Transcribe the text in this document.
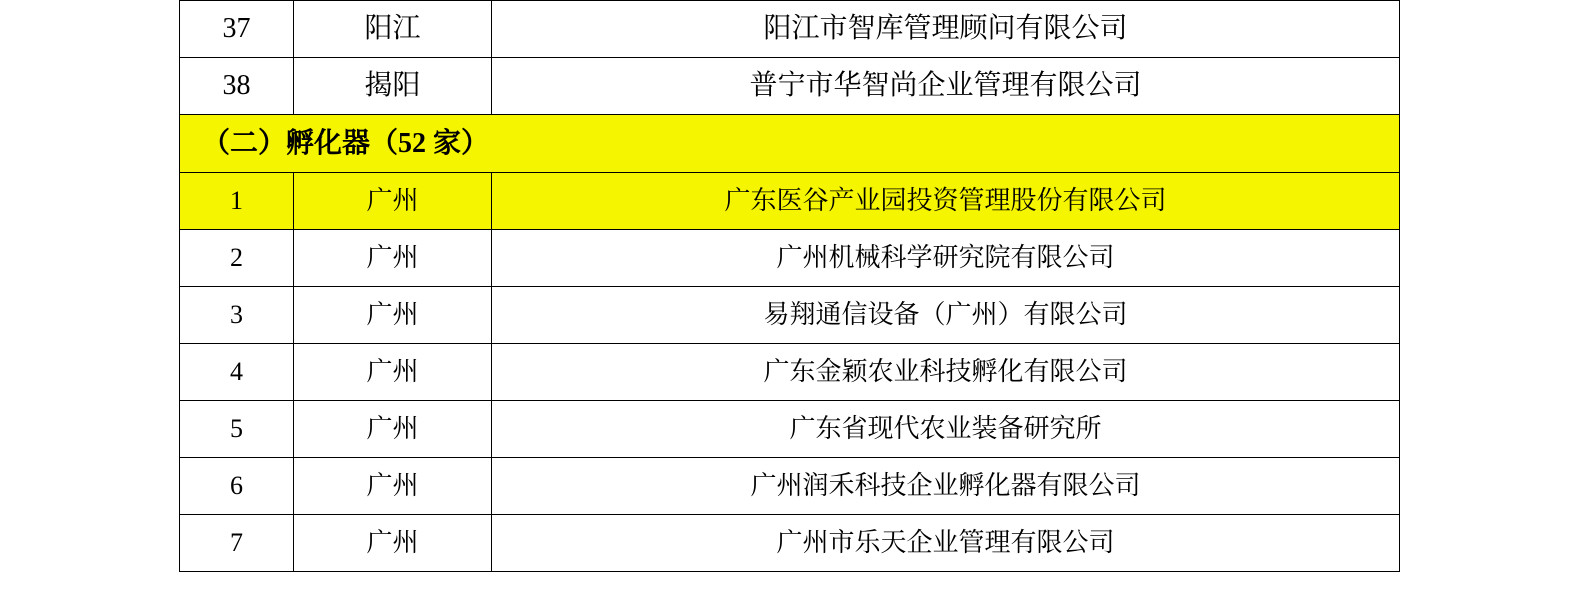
37	阳江	阳江市智库管理顾问有限公司
38	揭阳	普宁市华智尚企业管理有限公司
（二）孵化器（52 家）		
1	广州	广东医谷产业园投资管理股份有限公司
2	广州	广州机械科学研究院有限公司
3	广州	易翔通信设备（广州）有限公司
4	广州	广东金颖农业科技孵化有限公司
5	广州	广东省现代农业装备研究所
6	广州	广州润禾科技企业孵化器有限公司
7	广州	广州市乐天企业管理有限公司
